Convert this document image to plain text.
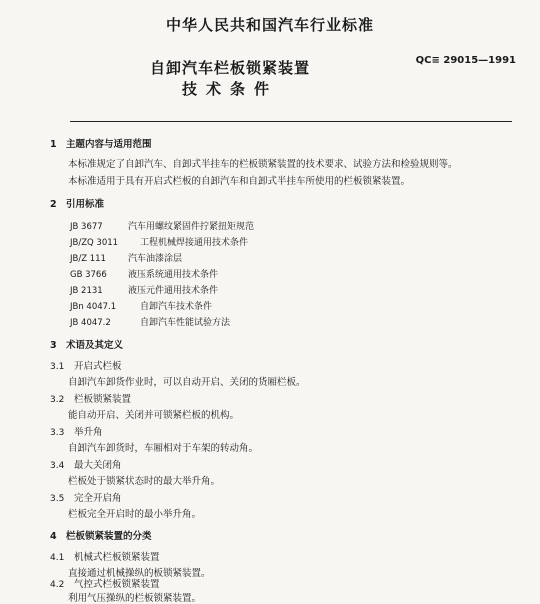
中华人民共和国汽车行业标准
自卸汽车栏板锁紧装置
技术条件
QC≡ 29015—1991
1 主题内容与适用范围
本标准规定了自卸汽车、自卸式半挂车的栏板锁紧装置的技术要求、试验方法和检验规则等。
本标准适用于具有开启式栏板的自卸汽车和自卸式半挂车所使用的栏板锁紧装置。
2 引用标准
JB 3677	汽车用螺纹紧固件拧紧扭矩规范
JB/ZQ 3011 工程机械焊接通用技术条件
JB/Z 111 汽车油漆涂层
GB 3766 液压系统通用技术条件
JB 2131	液压元件通用技术条件
JBn 4047.1	自卸汽车技术条件
JB 4047.2	自卸汽车性能试验方法
3 术语及其定义
3.1 开启式栏板
自卸汽车卸货作业时，可以自动开启、关闭的货厢栏板。
3.2 栏板锁紧装置
能自动开启、关闭并可锁紧栏板的机构。
3.3 举升角
自卸汽车卸货时，车厢相对于车架的转动角。
3.4 最大关闭角
栏板处于锁紧状态时的最大举升角。
3.5 完全开启角
栏板完全开启时的最小举升角。
4 栏板锁紧装置的分类
4.1 机械式栏板锁紧装置
直接通过机械操纵的板锁紧装置。
4.2 气控式栏板锁紧装置
利用气压操纵的栏板锁紧装置。
